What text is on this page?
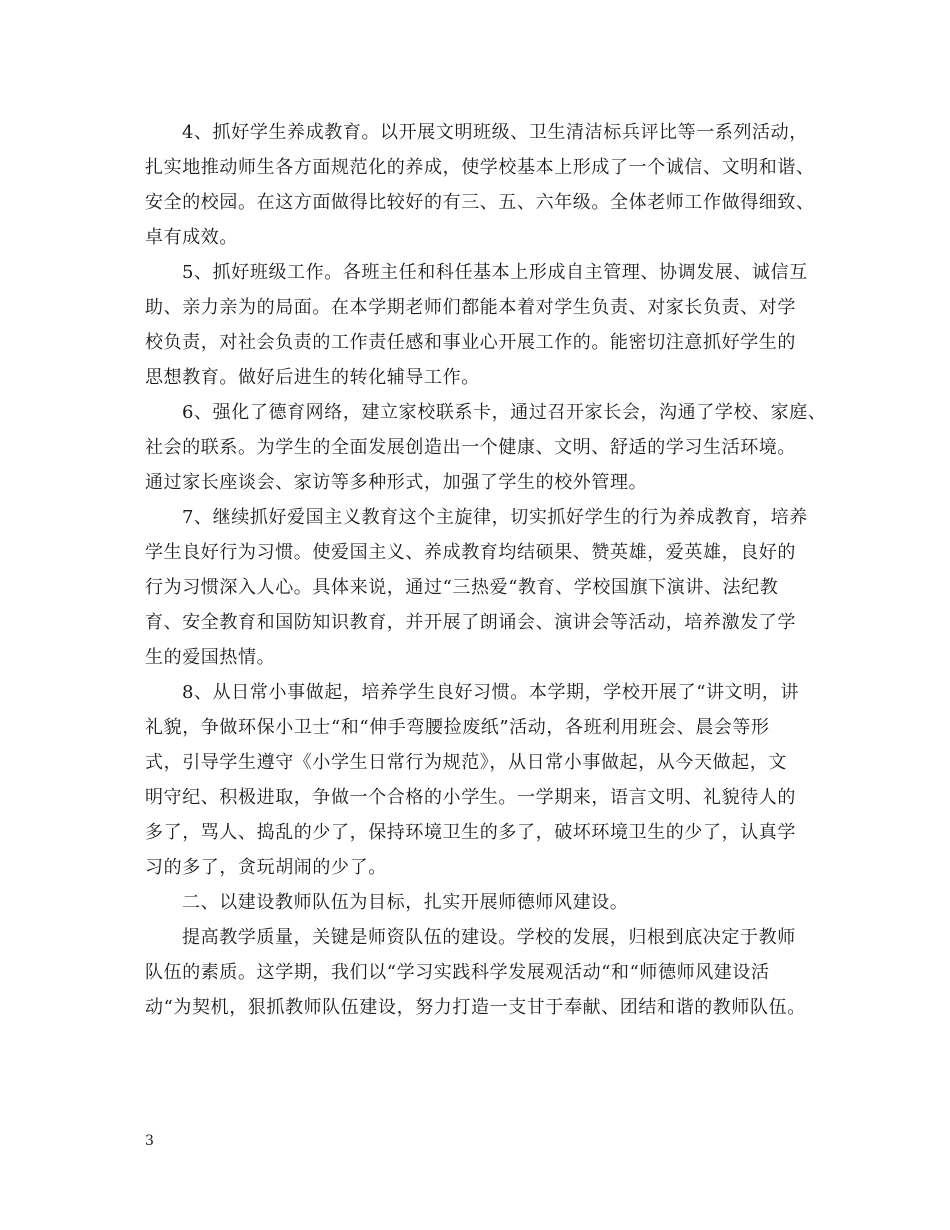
4、抓好学生养成教育。以开展文明班级、卫生清洁标兵评比等一系列活动，
扎实地推动师生各方面规范化的养成，使学校基本上形成了一个诚信、文明和谐、
安全的校园。在这方面做得比较好的有三、五、六年级。全体老师工作做得细致、
卓有成效。

5、抓好班级工作。各班主任和科任基本上形成自主管理、协调发展、诚信互
助、亲力亲为的局面。在本学期老师们都能本着对学生负责、对家长负责、对学
校负责，对社会负责的工作责任感和事业心开展工作的。能密切注意抓好学生的
思想教育。做好后进生的转化辅导工作。

6、强化了德育网络，建立家校联系卡，通过召开家长会，沟通了学校、家庭、
社会的联系。为学生的全面发展创造出一个健康、文明、舒适的学习生活环境。
通过家长座谈会、家访等多种形式，加强了学生的校外管理。

7、继续抓好爱国主义教育这个主旋律，切实抓好学生的行为养成教育，培养
学生良好行为习惯。使爱国主义、养成教育均结硕果、赞英雄，爱英雄，良好的
行为习惯深入人心。具体来说，通过“三热爱“教育、学校国旗下演讲、法纪教
育、安全教育和国防知识教育，并开展了朗诵会、演讲会等活动，培养激发了学
生的爱国热情。

8、从日常小事做起，培养学生良好习惯。本学期，学校开展了“讲文明，讲
礼貌，争做环保小卫士“和“伸手弯腰捡废纸”活动，各班利用班会、晨会等形
式，引导学生遵守《小学生日常行为规范》，从日常小事做起，从今天做起，文
明守纪、积极进取，争做一个合格的小学生。一学期来，语言文明、礼貌待人的
多了，骂人、捣乱的少了，保持环境卫生的多了，破坏环境卫生的少了，认真学
习的多了，贪玩胡闹的少了。

二、以建设教师队伍为目标，扎实开展师德师风建设。

提高教学质量，关键是师资队伍的建设。学校的发展，归根到底决定于教师
队伍的素质。这学期，我们以“学习实践科学发展观活动“和“师德师风建设活
动“为契机，狠抓教师队伍建设，努力打造一支甘于奉献、团结和谐的教师队伍。

3
